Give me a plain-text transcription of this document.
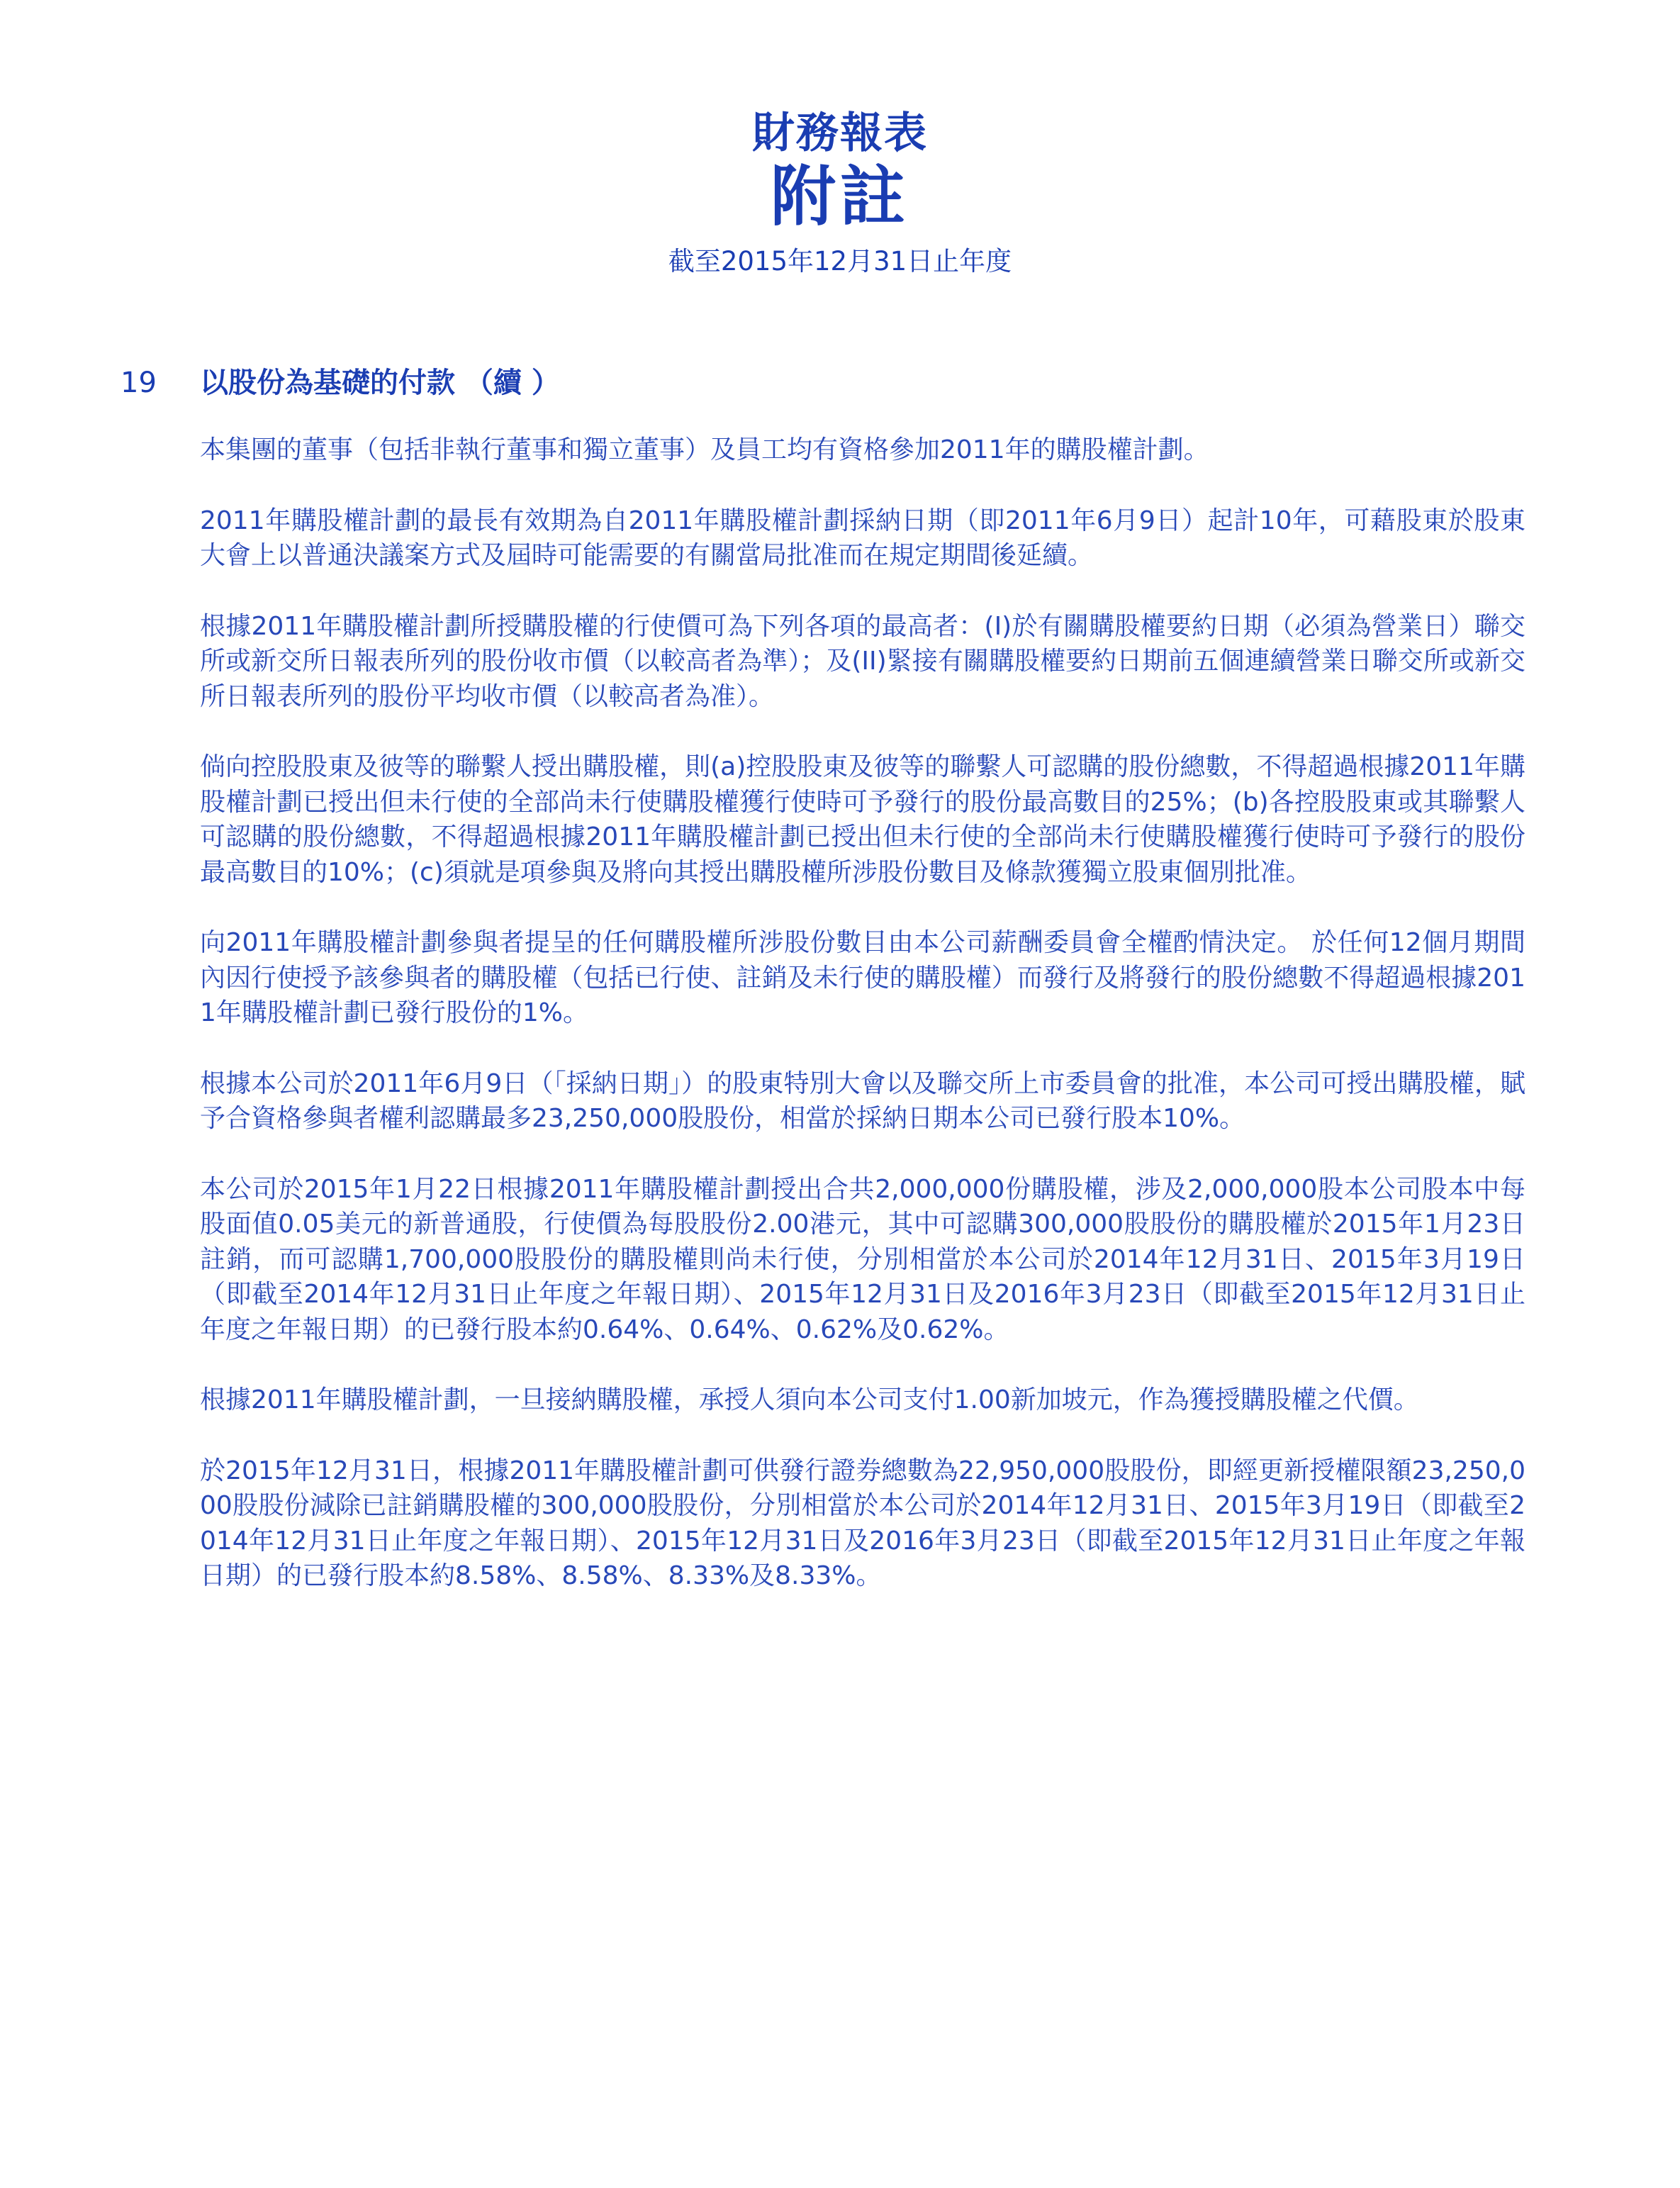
財務報表
附註
截至2015年12月31日止年度
19 以股份為基礎的付款 （續 ）

本集團的董事（包括非執行董事和獨立董事）及員工均有資格參加2011年的購股權計劃。

2011年購股權計劃的最長有效期為自2011年購股權計劃採納日期（即2011年6月9日）起計10年，可藉股東於股東大會上以普通決議案方式及屆時可能需要的有關當局批准而在規定期間後延續。

根據2011年購股權計劃所授購股權的行使價可為下列各項的最高者：(I)於有關購股權要約日期（必須為營業日）聯交所或新交所日報表所列的股份收市價（以較高者為準）；及(II)緊接有關購股權要約日期前五個連續營業日聯交所或新交所日報表所列的股份平均收市價（以較高者為准）。

倘向控股股東及彼等的聯繫人授出購股權，則(a)控股股東及彼等的聯繫人可認購的股份總數，不得超過根據2011年購股權計劃已授出但未行使的全部尚未行使購股權獲行使時可予發行的股份最高數目的25%；(b)各控股股東或其聯繫人可認購的股份總數，不得超過根據2011年購股權計劃已授出但未行使的全部尚未行使購股權獲行使時可予發行的股份最高數目的10%；(c)須就是項參與及將向其授出購股權所涉股份數目及條款獲獨立股東個別批准。

向2011年購股權計劃參與者提呈的任何購股權所涉股份數目由本公司薪酬委員會全權酌情決定。 於任何12個月期間內因行使授予該參與者的購股權（包括已行使、註銷及未行使的購股權）而發行及將發行的股份總數不得超過根據2011年購股權計劃已發行股份的1%。

根據本公司於2011年6月9日（「採納日期」）的股東特別大會以及聯交所上市委員會的批准，本公司可授出購股權，賦予合資格參與者權利認購最多23,250,000股股份，相當於採納日期本公司已發行股本10%。

本公司於2015年1月22日根據2011年購股權計劃授出合共2,000,000份購股權，涉及2,000,000股本公司股本中每股面值0.05美元的新普通股，行使價為每股股份2.00港元，其中可認購300,000股股份的購股權於2015年1月23日註銷，而可認購1,700,000股股份的購股權則尚未行使，分別相當於本公司於2014年12月31日、2015年3月19日（即截至2014年12月31日止年度之年報日期）、2015年12月31日及2016年3月23日（即截至2015年12月31日止年度之年報日期）的已發行股本約0.64%、0.64%、0.62%及0.62%。

根據2011年購股權計劃，一旦接納購股權，承授人須向本公司支付1.00新加坡元，作為獲授購股權之代價。

於2015年12月31日，根據2011年購股權計劃可供發行證券總數為22,950,000股股份，即經更新授權限額23,250,000股股份減除已註銷購股權的300,000股股份，分別相當於本公司於2014年12月31日、2015年3月19日（即截至2014年12月31日止年度之年報日期）、2015年12月31日及2016年3月23日（即截至2015年12月31日止年度之年報日期）的已發行股本約8.58%、8.58%、8.33%及8.33%。
